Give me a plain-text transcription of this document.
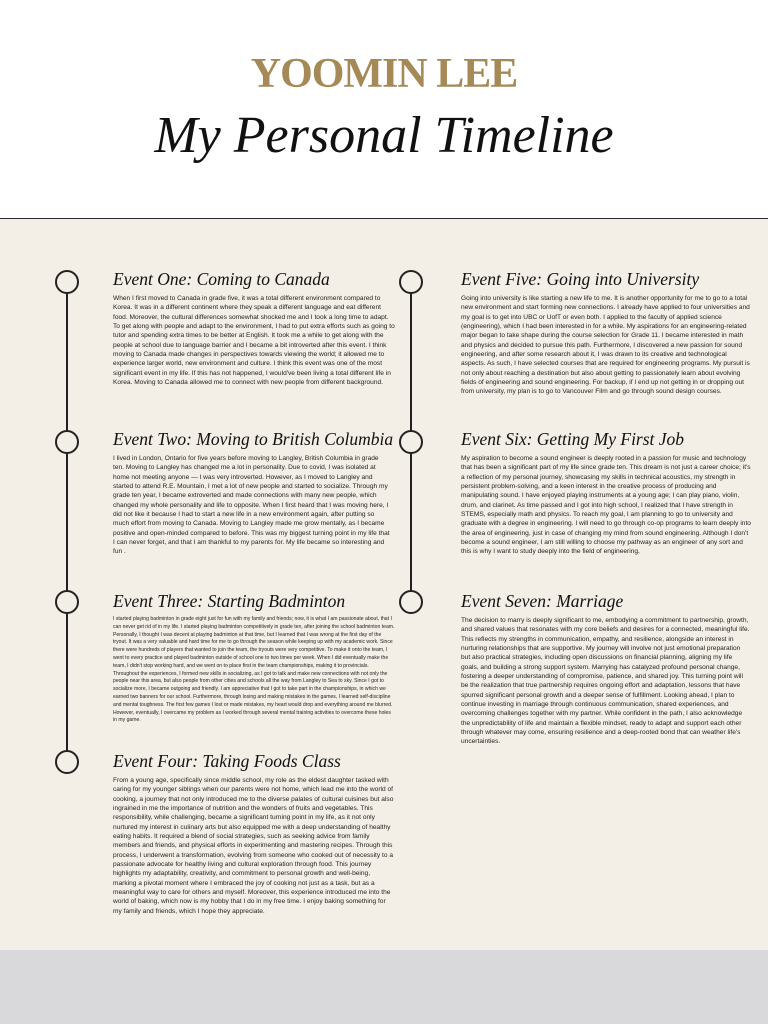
YOOMIN LEE
My Personal Timeline
Event One: Coming to Canada
When I first moved to Canada in grade five, it was a total different environment compared to Korea. It was in a different continent where they speak a different language and eat different food. Moreover, the cultural differences somewhat shocked me and I took a long time to adapt. To get along with people and adapt to the environment, I had to put extra efforts such as going to tutor and spending extra times to be better at English. It took me a while to get along with the people at school due to language barrier and I became a bit introverted after this event. I think moving to Canada made changes in perspectives towards viewing the world; it allowed me to experience larger world, new environment and culture. I think this event was one of the most significant event in my life. If this has not happened, I would've been living a total different life in Korea. Moving to Canada allowed me to connect with new people from different background.
Event Two: Moving to British Columbia
I lived in London, Ontario for five years before moving to Langley, British Columbia in grade ten. Moving to Langley has changed me a lot in personality. Due to covid, I was isolated at home not meeting anyone — I was very introverted. However, as I moved to Langley and started to attend R.E. Mountain, I met a lot of new people and started to socialize. Through my grade ten year, I became extroverted and made connections with many new people, which changed my whole personality and life to opposite. When I first heard that I was moving here, I did not like it because I had to start a new life in a new environment again, after putting so much effort from moving to Canada. Moving to Langley made me grow mentally, as I became positive and open-minded compared to before. This was my biggest turning point in my life that I can never forget, and that I am thankful to my parents for. My life became so interesting and fun .
Event Three: Starting Badminton
I started playing badminton in grade eight just for fun with my family and friends; now, it is what I am passionate about, that I can never get rid of in my life. I started playing badminton competitively in grade ten, after joining the school badminton team. Personally, I thought I was decent at playing badminton at that time, but I learned that I was wrong at the first day of the tryout. It was a very valuable and hard time for me to go through the season while keeping up with my academic work. Since there were hundreds of players that wanted to join the team, the tryouts were very competitive. To make it onto the team, I went to every practice and played badminton outside of school one to two times per week. When I did eventually make the team, I didn't stop working hard, and we went on to place first in the team championships, making it to provincials. Throughout the experiences, I formed new skills in socializing, as I got to talk and make new connections with not only the people near this area, but also people from other cities and schools all the way from Langley to Sea to sky. Since I got to socialize more, I became outgoing and friendly. I am appreciative that I got to take part in the championships, in which we earned two banners for our school. Furthermore, through losing and making mistakes in the games, I learned self-discipline and mental toughness. The first few games I lost or made mistakes, my heart would drop and everything around me blurred. However, eventually, I overcame my problem as I worked through several mental training activities to overcome these holes in my game.
Event Four: Taking Foods Class
From a young age, specifically since middle school, my role as the eldest daughter tasked with caring for my younger siblings when our parents were not home, which lead me into the world of cooking, a journey that not only introduced me to the diverse palates of cultural cuisines but also ingrained in me the importance of nutrition and the wonders of fruits and vegetables. This responsibility, while challenging, became a significant turning point in my life, as it not only nurtured my interest in culinary arts but also equipped me with a deep understanding of healthy eating habits. It required a blend of social strategies, such as seeking advice from family members and friends, and physical efforts in experimenting and mastering recipes. Through this process, I underwent a transformation, evolving from someone who cooked out of necessity to a passionate advocate for healthy living and cultural exploration through food. This journey highlights my adaptability, creativity, and commitment to personal growth and well-being, marking a pivotal moment where I embraced the joy of cooking not just as a task, but as a meaningful way to care for others and myself. Moreover, this experience introduced me into the world of baking, which now is my hobby that I do in my free time. I enjoy baking something for my family and friends, which I hope they appreciate.
Event Five: Going into University
Going into university is like starting a new life to me. It is another opportunity for me to go to a total new environment and start forming new connections. I already have applied to four universities and my goal is to get into UBC or UofT or even both. I applied to the faculty of applied science (engineering), which I had been interested in for a while. My aspirations for an engineering-related major began to take shape during the course selection for Grade 11. I became interested in math and physics and decided to pursue this path. Furthermore, I discovered a new passion for sound engineering, and after some research about it, I was drawn to its creative and technological aspects. As such, I have selected courses that are required for engineering programs. My pursuit is not only about reaching a destination but also about getting to passionately learn about evolving fields of engineering and sound engineering. For backup, if I end up not getting in or dropping out from university, my plan is to go to Vancouver Film and go through sound design courses.
Event Six: Getting My First Job
My aspiration to become a sound engineer is deeply rooted in a passion for music and technology that has been a significant part of my life since grade ten. This dream is not just a career choice; it's a reflection of my personal journey, showcasing my skills in technical acoustics, my strength in persistent problem-solving, and a keen interest in the creative process of producing and manipulating sound. I have enjoyed playing instruments at a young age; I can play piano, violin, drum, and clarinet. As time passed and I got into high school, I realized that I have strength in STEMS, especially math and physics. To reach my goal, I am planning to go to university and graduate with a degree in engineering. I will need to go through co-op programs to learn deeply into the area of engineering, just in case of changing my mind from sound engineering. Although I don't become a sound engineer, I am still willing to choose my pathway as an engineer of any sort and this is why I want to study deeply into the field of engineering.
Event Seven: Marriage
The decision to marry is deeply significant to me, embodying a commitment to partnership, growth, and shared values that resonates with my core beliefs and desires for a connected, meaningful life. This reflects my strengths in communication, empathy, and resilience, alongside an interest in nurturing relationships that are supportive. My journey will involve not just emotional preparation but also practical strategies, including open discussions on financial planning, aligning my life goals, and building a strong support system. Marrying has catalyzed profound personal change, fostering a deeper understanding of compromise, patience, and shared joy. This turning point will be the realization that true partnership requires ongoing effort and adaptation, lessons that have spurred significant personal growth and a deeper sense of fulfillment. Looking ahead, I plan to continue investing in marriage through continuous communication, shared experiences, and overcoming challenges together with my partner. While confident in the path, I also acknowledge the unpredictability of life and maintain a flexible mindset, ready to adapt and support each other through whatever may come, ensuring resilience and a deep-rooted bond that can weather life's uncertainties.
